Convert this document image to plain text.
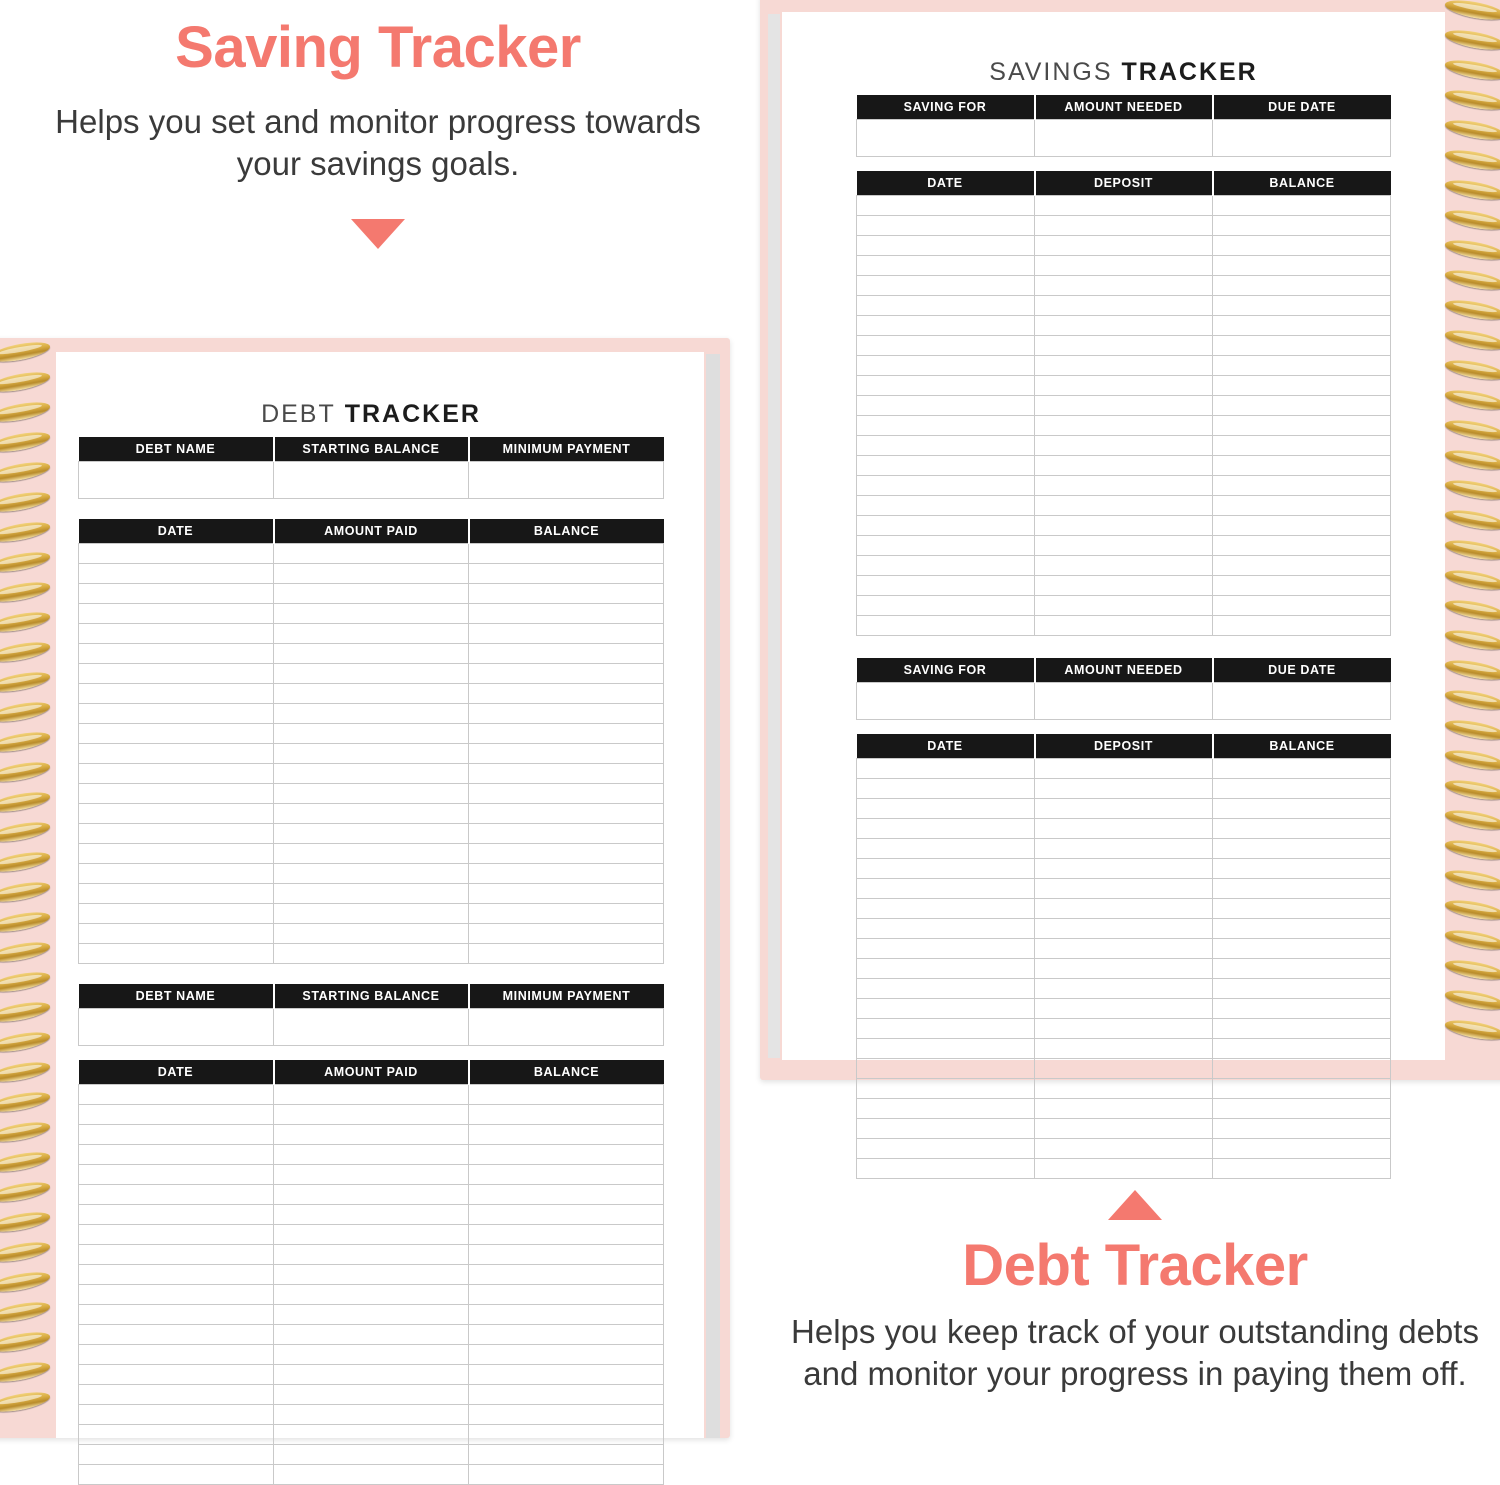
Saving Tracker
Helps you set and monitor progress towards your savings goals.
Debt Tracker
Helps you keep track of your outstanding debts and monitor your progress in paying them off.
SAVINGS TRACKER
SAVING FOR	AMOUNT NEEDED	DUE DATE

DATE	DEPOSIT	BALANCE

SAVING FOR	AMOUNT NEEDED	DUE DATE

DATE	DEPOSIT	BALANCE

DEBT TRACKER
DEBT NAME	STARTING BALANCE	MINIMUM PAYMENT

DATE	AMOUNT PAID	BALANCE

DEBT NAME	STARTING BALANCE	MINIMUM PAYMENT

DATE	AMOUNT PAID	BALANCE
